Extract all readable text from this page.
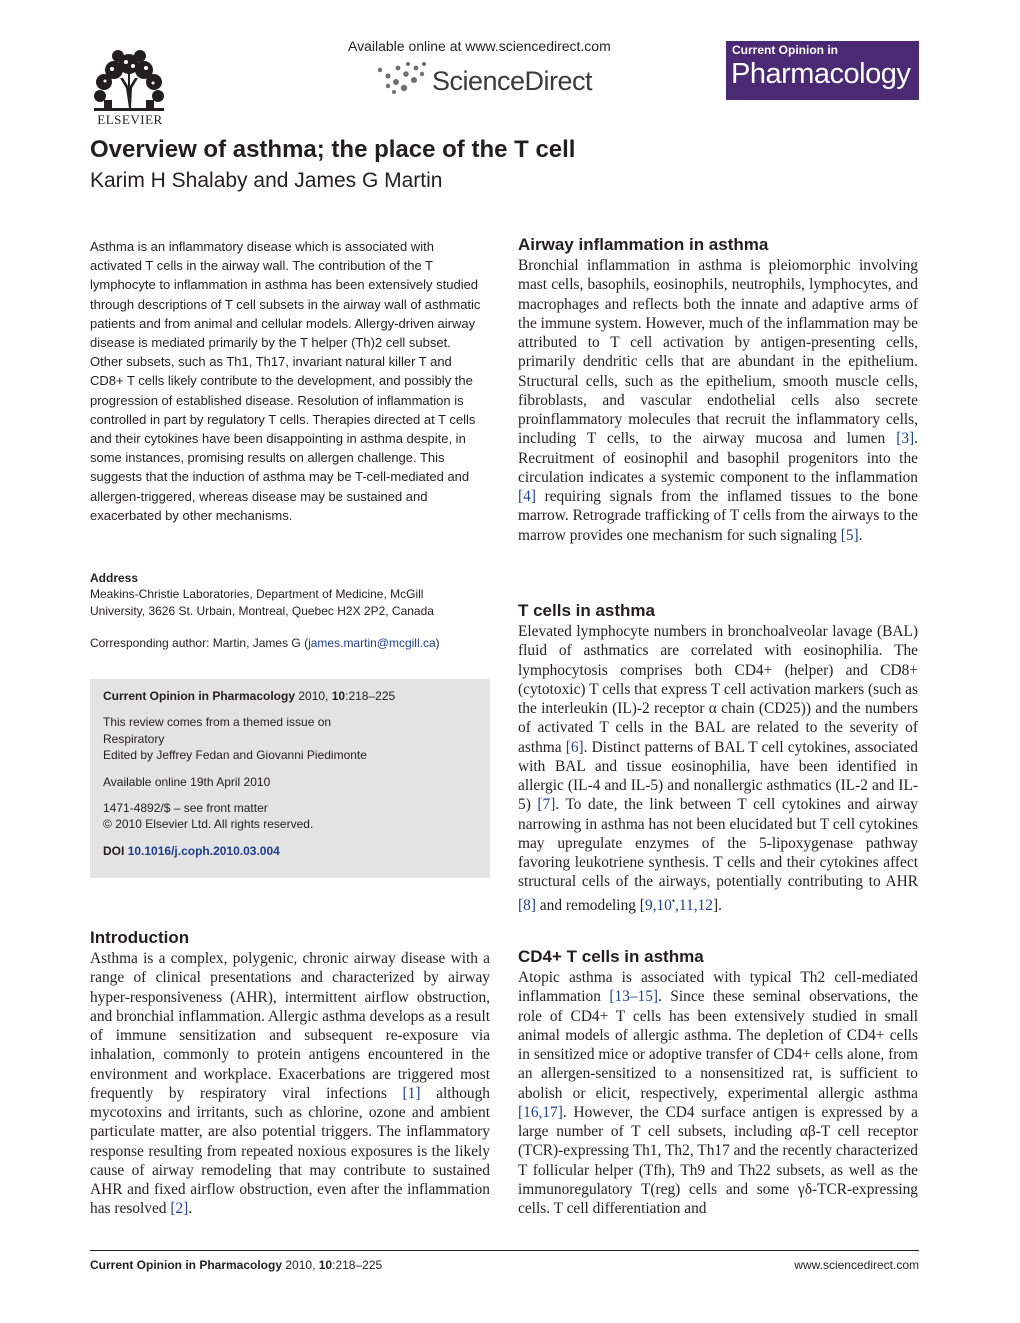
ELSEVIER
Available online at www.sciencedirect.com
ScienceDirect
Current Opinion in
Pharmacology
Overview of asthma; the place of the T cell
Karim H Shalaby and James G Martin
Asthma is an inflammatory disease which is associated with activated T cells in the airway wall. The contribution of the T lymphocyte to inflammation in asthma has been extensively studied through descriptions of T cell subsets in the airway wall of asthmatic patients and from animal and cellular models. Allergy-driven airway disease is mediated primarily by the T helper (Th)2 cell subset. Other subsets, such as Th1, Th17, invariant natural killer T and CD8+ T cells likely contribute to the development, and possibly the progression of established disease. Resolution of inflammation is controlled in part by regulatory T cells. Therapies directed at T cells and their cytokines have been disappointing in asthma despite, in some instances, promising results on allergen challenge. This suggests that the induction of asthma may be T-cell-mediated and allergen-triggered, whereas disease may be sustained and exacerbated by other mechanisms.
Address
Meakins-Christie Laboratories, Department of Medicine, McGill University, 3626 St. Urbain, Montreal, Quebec H2X 2P2, Canada
Corresponding author: Martin, James G (james.martin@mcgill.ca)
Current Opinion in Pharmacology 2010, 10:218–225
This review comes from a themed issue on
Respiratory
Edited by Jeffrey Fedan and Giovanni Piedimonte
Available online 19th April 2010
1471-4892/$ – see front matter
© 2010 Elsevier Ltd. All rights reserved.
DOI 10.1016/j.coph.2010.03.004
Introduction
Asthma is a complex, polygenic, chronic airway disease with a range of clinical presentations and characterized by airway hyper-responsiveness (AHR), intermittent airflow obstruction, and bronchial inflammation. Allergic asthma develops as a result of immune sensitization and subsequent re-exposure via inhalation, commonly to protein antigens encountered in the environment and workplace. Exacerbations are triggered most frequently by respiratory viral infections [1] although mycotoxins and irritants, such as chlorine, ozone and ambient particulate matter, are also potential triggers. The inflammatory response resulting from repeated noxious exposures is the likely cause of airway remodeling that may contribute to sustained AHR and fixed airflow obstruction, even after the inflammation has resolved [2].
Airway inflammation in asthma
Bronchial inflammation in asthma is pleiomorphic involving mast cells, basophils, eosinophils, neutrophils, lymphocytes, and macrophages and reflects both the innate and adaptive arms of the immune system. However, much of the inflammation may be attributed to T cell activation by antigen-presenting cells, primarily dendritic cells that are abundant in the epithelium. Structural cells, such as the epithelium, smooth muscle cells, fibroblasts, and vascular endothelial cells also secrete proinflammatory molecules that recruit the inflammatory cells, including T cells, to the airway mucosa and lumen [3]. Recruitment of eosinophil and basophil progenitors into the circulation indicates a systemic component to the inflammation [4] requiring signals from the inflamed tissues to the bone marrow. Retrograde trafficking of T cells from the airways to the marrow provides one mechanism for such signaling [5].
T cells in asthma
Elevated lymphocyte numbers in bronchoalveolar lavage (BAL) fluid of asthmatics are correlated with eosinophilia. The lymphocytosis comprises both CD4+ (helper) and CD8+ (cytotoxic) T cells that express T cell activation markers (such as the interleukin (IL)-2 receptor α chain (CD25)) and the numbers of activated T cells in the BAL are related to the severity of asthma [6]. Distinct patterns of BAL T cell cytokines, associated with BAL and tissue eosinophilia, have been identified in allergic (IL-4 and IL-5) and nonallergic asthmatics (IL-2 and IL-5) [7]. To date, the link between T cell cytokines and airway narrowing in asthma has not been elucidated but T cell cytokines may upregulate enzymes of the 5-lipoxygenase pathway favoring leukotriene synthesis. T cells and their cytokines affect structural cells of the airways, potentially contributing to AHR [8] and remodeling [9,10•,11,12].
CD4+ T cells in asthma
Atopic asthma is associated with typical Th2 cell-mediated inflammation [13–15]. Since these seminal observations, the role of CD4+ T cells has been extensively studied in small animal models of allergic asthma. The depletion of CD4+ cells in sensitized mice or adoptive transfer of CD4+ cells alone, from an allergen-sensitized to a nonsensitized rat, is sufficient to abolish or elicit, respectively, experimental allergic asthma [16,17]. However, the CD4 surface antigen is expressed by a large number of T cell subsets, including αβ-T cell receptor (TCR)-expressing Th1, Th2, Th17 and the recently characterized T follicular helper (Tfh), Th9 and Th22 subsets, as well as the immunoregulatory T(reg) cells and some γδ-TCR-expressing cells. T cell differentiation and
Current Opinion in Pharmacology 2010, 10:218–225	www.sciencedirect.com
